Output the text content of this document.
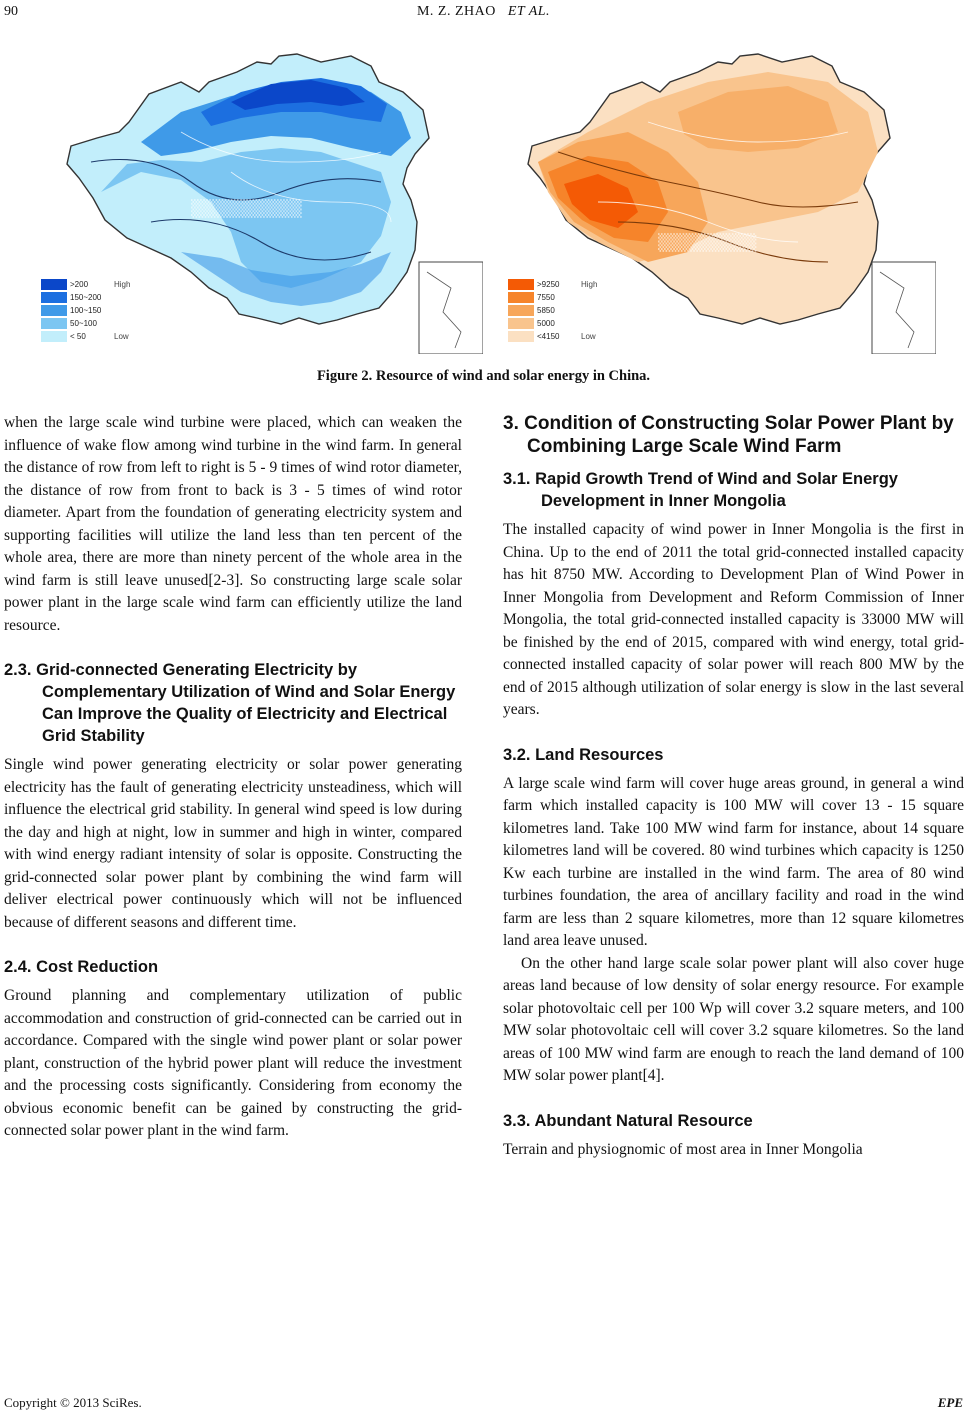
90	M. Z. ZHAO ET AL.
▒▒▒▒▒▒▒▒▒
>200	High
150~200
100~150
50~100
< 50	Low
▒▒▒▒▒▒▒▒
>9250	High
7550
5850
5000
<4150	Low
Figure 2. Resource of wind and solar energy in China.

when the large scale wind turbine were placed, which can weaken the influence of wake flow among wind turbine in the wind farm. In general the distance of row from left to right is 5 - 9 times of wind rotor diameter, the distance of row from front to back is 3 - 5 times of wind rotor diameter. Apart from the foundation of generating electricity system and supporting facilities will utilize the land less than ten percent of the whole area, there are more than ninety percent of the whole area in the wind farm is still leave unused[2-3]. So constructing large scale solar power plant in the large scale wind farm can efficiently utilize the land resource.

2.3. Grid-connected Generating Electricity by Complementary Utilization of Wind and Solar Energy Can Improve the Quality of Electricity and Electrical Grid Stability

Single wind power generating electricity or solar power generating electricity has the fault of generating electricity unsteadiness, which will influence the electrical grid stability. In general wind speed is low during the day and high at night, low in summer and high in winter, compared with wind energy radiant intensity of solar is opposite. Constructing the grid-connected solar power plant by combining the wind farm will deliver electrical power continuously which will not be influenced because of different seasons and different time.

2.4. Cost Reduction

Ground planning and complementary utilization of public accommodation and construction of grid-connected can be carried out in accordance. Compared with the single wind power plant or solar power plant, construction of the hybrid power plant will reduce the investment and the processing costs significantly. Considering from economy the obvious economic benefit can be gained by constructing the grid-connected solar power plant in the wind farm.

3. Condition of Constructing Solar Power Plant by Combining Large Scale Wind Farm
3.1. Rapid Growth Trend of Wind and Solar Energy Development in Inner Mongolia

The installed capacity of wind power in Inner Mongolia is the first in China. Up to the end of 2011 the total grid-connected installed capacity has hit 8750 MW. According to Development Plan of Wind Power in Inner Mongolia from Development and Reform Commission of Inner Mongolia, the total grid-connected installed capacity is 33000 MW will be finished by the end of 2015, compared with wind energy, total grid-connected installed capacity of solar power will reach 800 MW by the end of 2015 although utilization of solar energy is slow in the last several years.

3.2. Land Resources

A large scale wind farm will cover huge areas ground, in general a wind farm which installed capacity is 100 MW will cover 13 - 15 square kilometres land. Take 100 MW wind farm for instance, about 14 square kilometres land will be covered. 80 wind turbines which capacity is 1250 Kw each turbine are installed in the wind farm. The area of 80 wind turbines foundation, the area of ancillary facility and road in the wind farm are less than 2 square kilometres, more than 12 square kilometres land area leave unused.

On the other hand large scale solar power plant will also cover huge areas land because of low density of solar energy resource. For example solar photovoltaic cell per 100 Wp will cover 3.2 square meters, and 100 MW solar photovoltaic cell will cover 3.2 square kilometres. So the land areas of 100 MW wind farm are enough to reach the land demand of 100 MW solar power plant[4].

3.3. Abundant Natural Resource

Terrain and physiognomic of most area in Inner Mongolia

Copyright © 2013 SciRes.	EPE
